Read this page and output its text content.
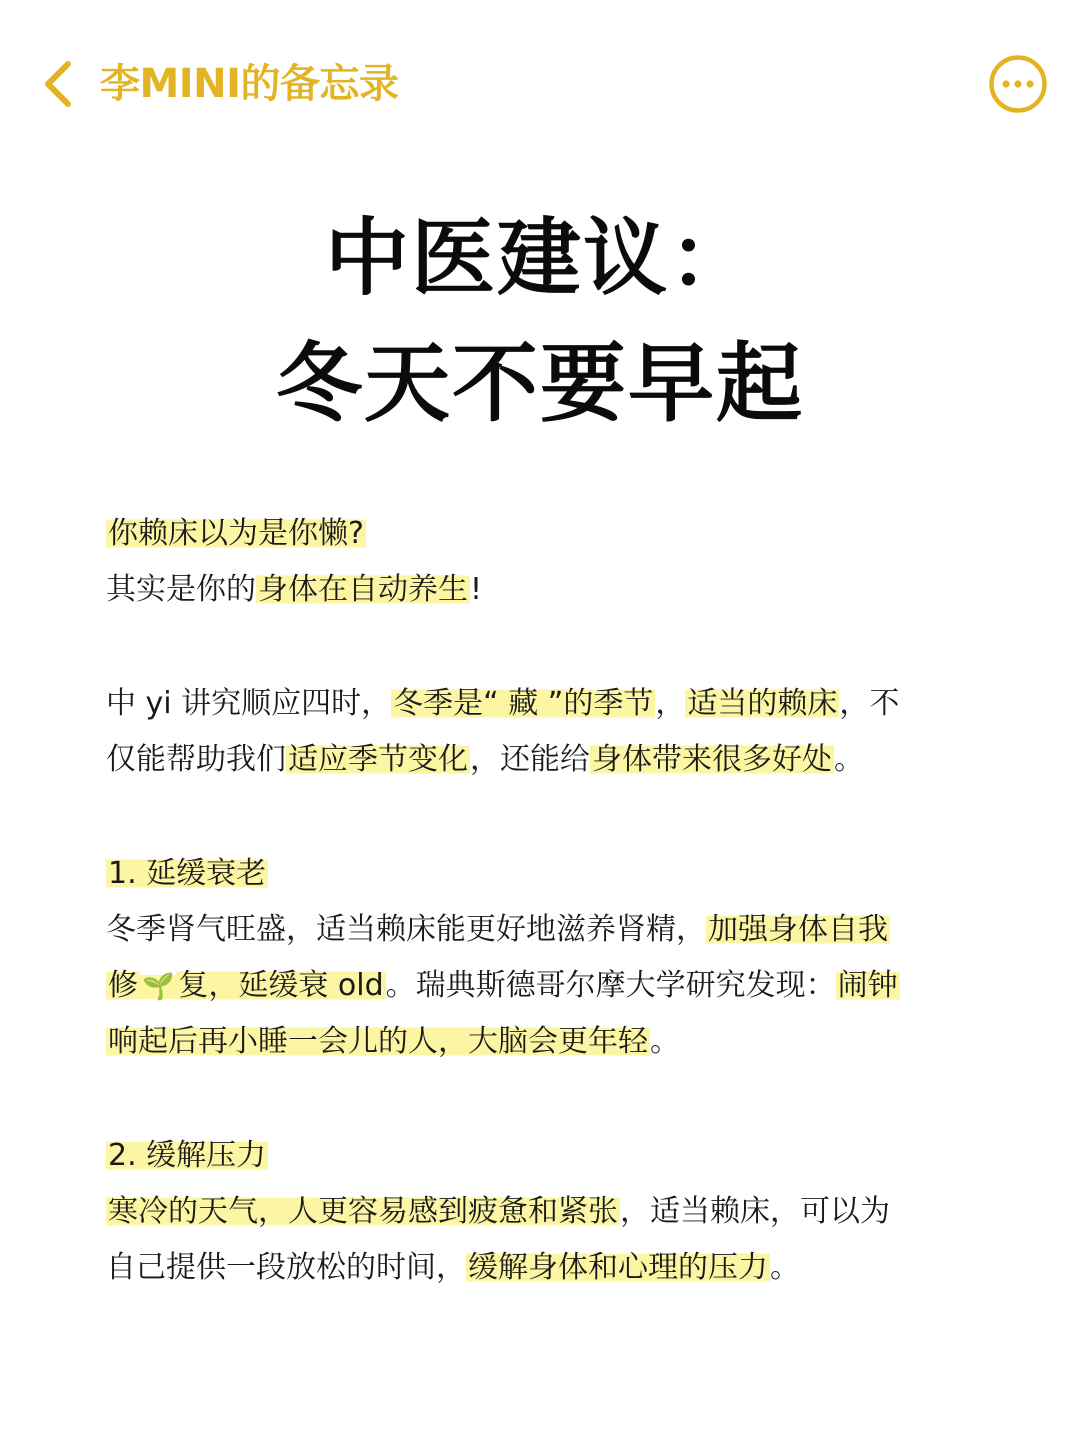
李MINI的备忘录
中医建议：
冬天不要早起
你赖床以为是你懒?
其实是你的身体在自动养生!
中 yi 讲究顺应四时，冬季是“ 藏 ”的季节，适当的赖床，不
仅能帮助我们适应季节变化，还能给身体带来很多好处。
1. 延缓衰老
冬季肾气旺盛，适当赖床能更好地滋养肾精，加强身体自我
修 🌱 复，延缓衰 old。瑞典斯德哥尔摩大学研究发现：闹钟
响起后再小睡一会儿的人，大脑会更年轻。
2. 缓解压力
寒冷的天气，人更容易感到疲惫和紧张，适当赖床，可以为
自己提供一段放松的时间，缓解身体和心理的压力。
